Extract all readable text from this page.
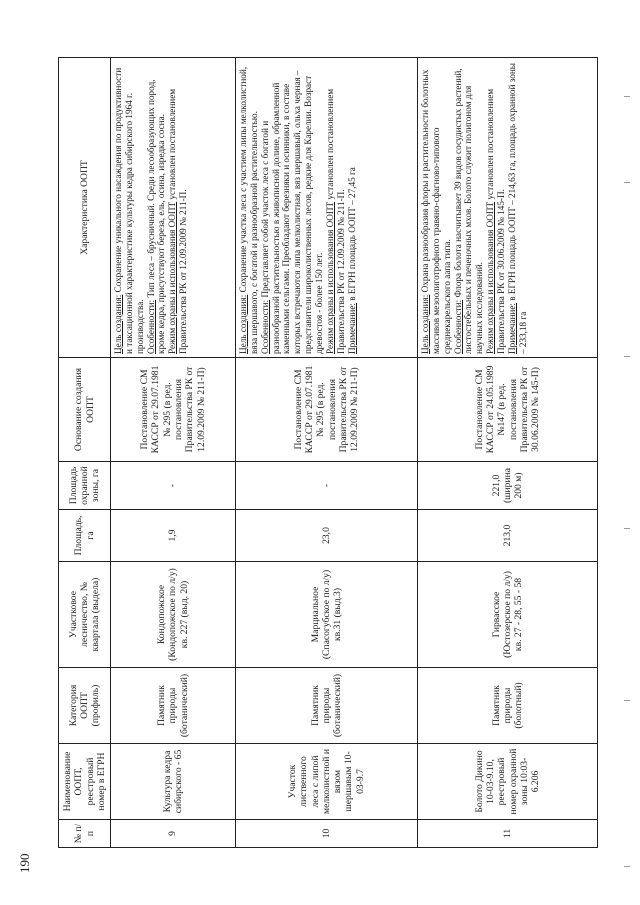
№ п/п	Наименование ООПТ, реестровый номер в ЕГРН	Категория ООПТ (профиль)	Участковое лесничество, № квартала (выдела)	Площадь, га	Площадь охранной зоны, га	Основание создания ООПТ	Характеристика ООПТ
9	Культура кедра сибирского - 65	Памятник природы (ботанический)	Кондопожское (Кондопожское по л/у) кв. 227 (выд. 20)	1,9	-	Постановление СМ КАССР от 29.07.1981 № 295 (в ред. постановления Правительства РК от 12.09.2009 № 211-П)	Цель создания: Сохранение уникального насаждения по продуктивности и таксационной характеристике культуры кедра сибирского 1964 г. производства.
Особенности: Тип леса – брусничный. Среди лесообразующих пород, кроме кедра, присутствуют береза, ель, осина, изредка сосна.
Режим охраны и использования ООПТ установлен постановлением Правительства РК от 12.09.2009 № 211-П.
10	Участок лиственного леса с липой мелколистной и вязом шершавым 10-03-9.7	Памятник природы (ботанический)	Марциальное (Спасогубское по л/у) кв.31 (выд.3)	23,0	-	Постановление СМ КАССР от 29.07.1981 № 295 (в ред. постановления Правительства РК от 12.09.2009 № 211-П)	Цель создания: Сохранение участка леса с участием липы мелколистной, вяза шершавого, с богатой и разнообразной растительностью.
Особенности: Представляет собой участок леса с богатой и разнообразной растительностью в живописной долине, обрамленной каменными сельгами. Преобладают березняки и осинники, в составе которых встречаются липа мелколистная, вяз шершавый, ольха черная – представители широколиственных лесов, редкие для Карелии. Возраст древостоя - более 150 лет.
Режим охраны и использования ООПТ установлен постановлением Правительства РК от 12.09.2009 № 211-П.
Примечание: в ЕГРН площадь ООПТ – 27,45 га
11	Болото Дикино 10-03-9.10, реестровый номер охранной зоны 10:03-6.206	Памятник природы (болотный)	Гирвасское (Юстозерское по л/у) кв. 27 - 28, 55 - 58	213,0	221,0 (ширина 200 м)	Постановление СМ КАССР от 24.05.1989 №147 (в ред. постановления Правительства РК от 30.06.2009 № 145-П)	Цель создания: Охрана разнообразия флоры и растительности болотных массивов мезоолиготрофного травяно-сфагново-типового среднекарельского аапа типа.
Особенности: Флора болота насчитывает 39 видов сосудистых растений, листостебельных и печеночных мхов. Болото служит полигоном для научных исследований.
Режим охраны и использования ООПТ установлен постановлением Правительства РК от 30.06.2009 № 145-П.
Примечание: в ЕГРН площадь ООПТ – 214,63 га, площадь охранной зоны – 233,18 га
190
